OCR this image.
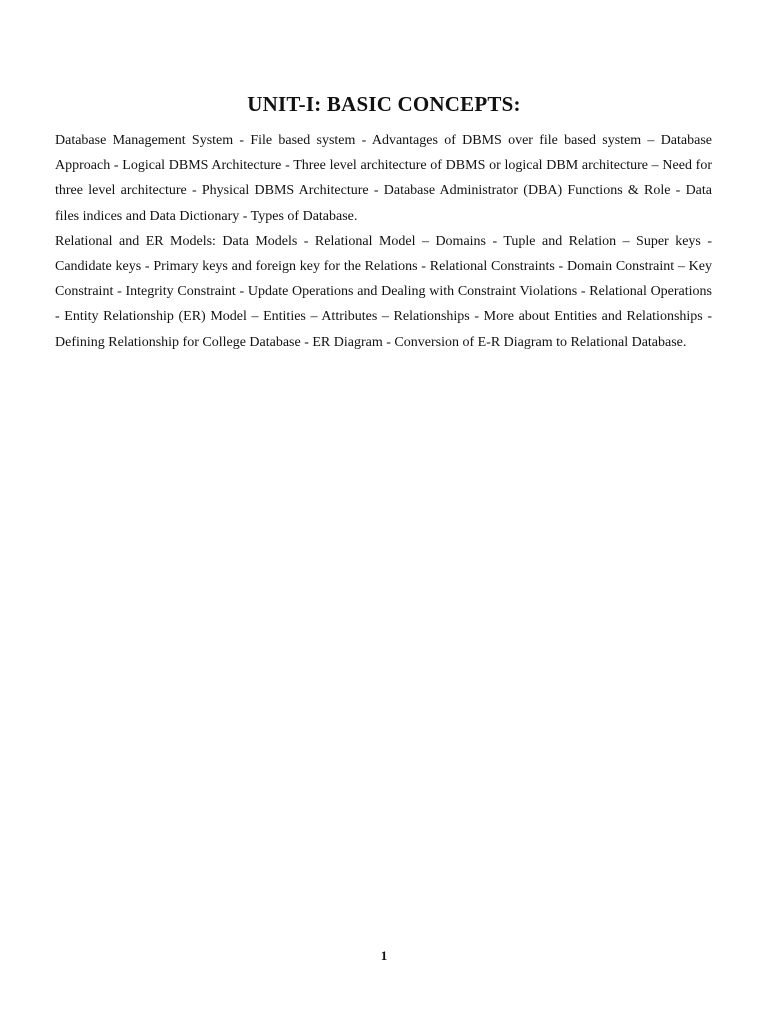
UNIT-I: BASIC CONCEPTS:

Database Management System - File based system - Advantages of DBMS over file based system – Database Approach - Logical DBMS Architecture - Three level architecture of DBMS or logical DBM architecture – Need for three level architecture - Physical DBMS Architecture - Database Administrator (DBA) Functions & Role - Data files indices and Data Dictionary - Types of Database.

Relational and ER Models: Data Models - Relational Model – Domains - Tuple and Relation – Super keys - Candidate keys - Primary keys and foreign key for the Relations - Relational Constraints - Domain Constraint – Key Constraint - Integrity Constraint - Update Operations and Dealing with Constraint Violations - Relational Operations - Entity Relationship (ER) Model – Entities – Attributes – Relationships - More about Entities and Relationships - Defining Relationship for College Database - ER Diagram - Conversion of E-R Diagram to Relational Database.

1
